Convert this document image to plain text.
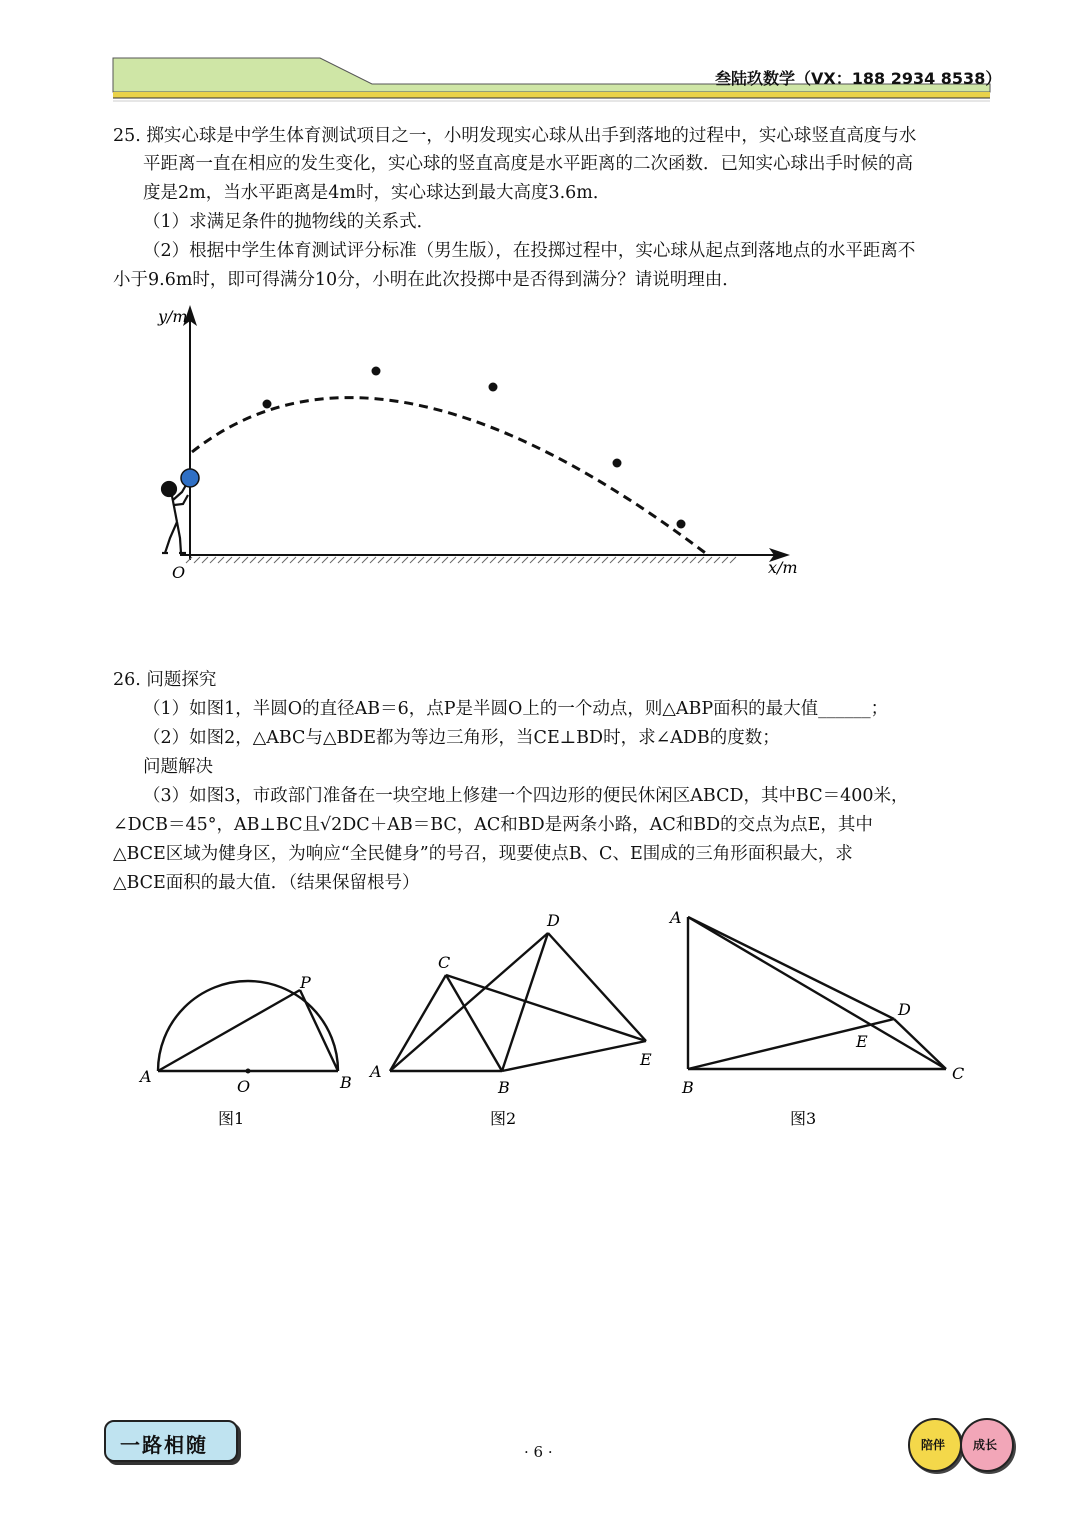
叁陆玖数学（VX：188 2934 8538）
25. 掷实心球是中学生体育测试项目之一，小明发现实心球从出手到落地的过程中，实心球竖直高度与水
平距离一直在相应的发生变化，实心球的竖直高度是水平距离的二次函数．已知实心球出手时候的高
度是2m，当水平距离是4m时，实心球达到最大高度3.6m．
（1）求满足条件的抛物线的关系式．
（2）根据中学生体育测试评分标准（男生版），在投掷过程中，实心球从起点到落地点的水平距离不
小于9.6m时，即可得满分10分，小明在此次投掷中是否得到满分？请说明理由．
y/m
x/m
O
26. 问题探究
（1）如图1，半圆O的直径AB＝6，点P是半圆O上的一个动点，则△ABP面积的最大值______；
（2）如图2，△ABC与△BDE都为等边三角形，当CE⊥BD时，求∠ADB的度数；
问题解决
（3）如图3，市政部门准备在一块空地上修建一个四边形的便民休闲区ABCD，其中BC＝400米，
∠DCB＝45°，AB⊥BC且√2DC＋AB＝BC，AC和BD是两条小路，AC和BD的交点为点E，其中
△BCE区域为健身区，为响应“全民健身”的号召，现要使点B、C、E围成的三角形面积最大，求
△BCE面积的最大值．（结果保留根号）
A
O	B
P
图1
A
B
C
D
E
图2
A
B
C
D
E
图3
一路相随	· 6 ·	陪伴 成长
